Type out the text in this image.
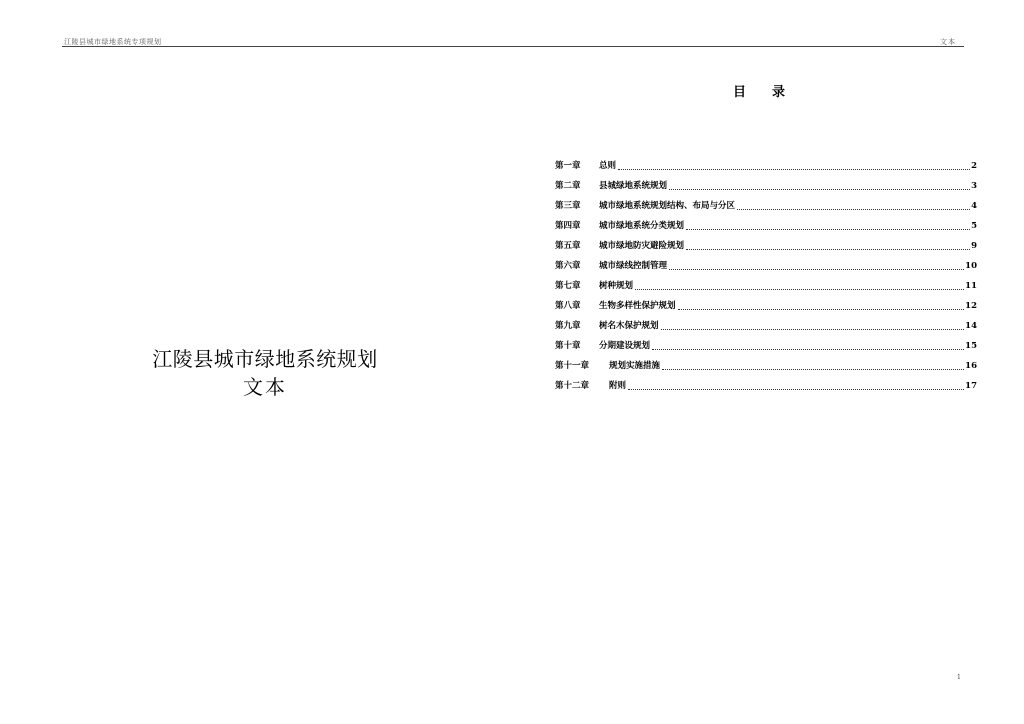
江陵县城市绿地系统专项规划	文本
江陵县城市绿地系统规划
文本
目 录
第一章	总则	2
第二章	县城绿地系统规划	3
第三章	城市绿地系统规划结构、布局与分区	4
第四章	城市绿地系统分类规划	5
第五章	城市绿地防灾避险规划	9
第六章	城市绿线控制管理	10
第七章	树种规划	11
第八章	生物多样性保护规划	12
第九章	树名木保护规划	14
第十章	分期建设规划	15
第十一章	规划实施措施	16
第十二章	附则	17
1
